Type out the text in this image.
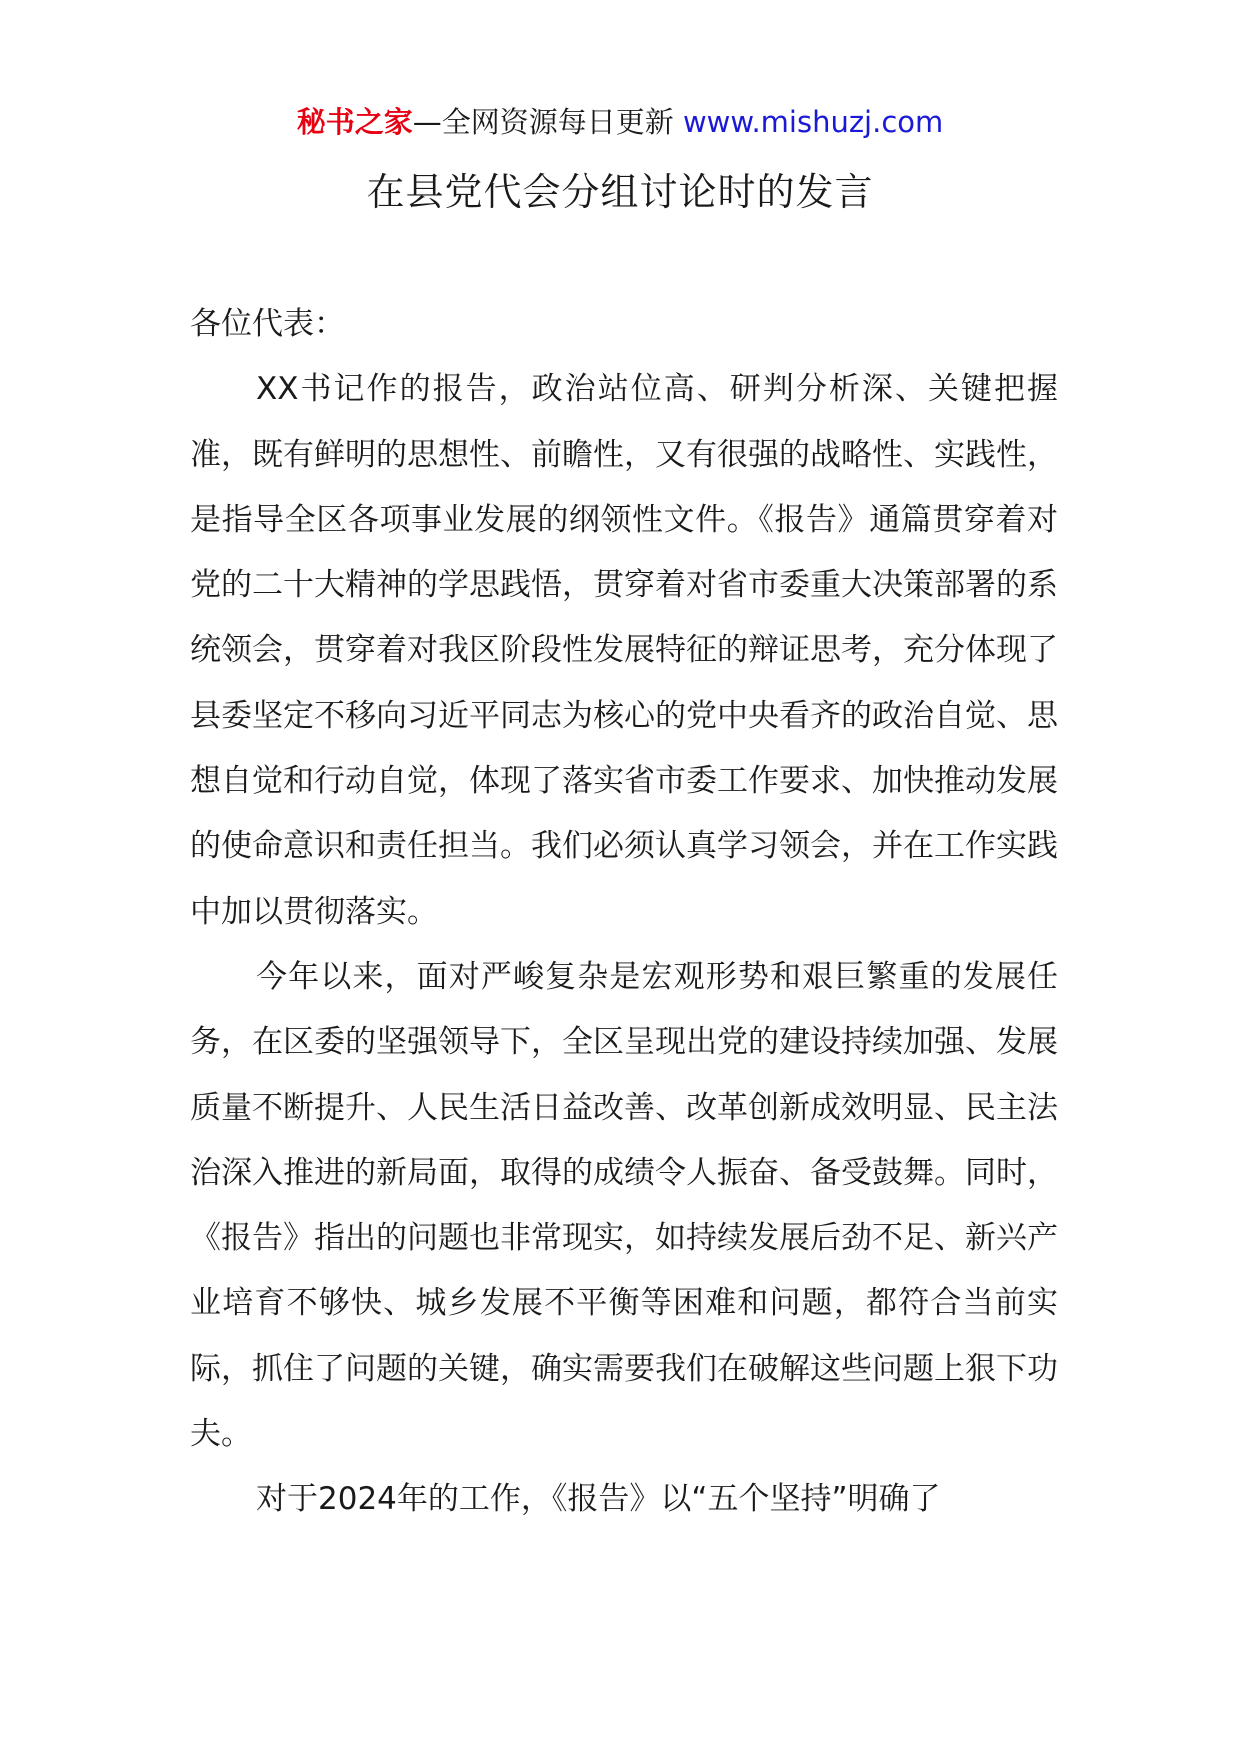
秘书之家—全网资源每日更新 www.mishuzj.com
在县党代会分组讨论时的发言

各位代表：

XX书记作的报告，政治站位高、研判分析深、关键把握准，既有鲜明的思想性、前瞻性，又有很强的战略性、实践性，是指导全区各项事业发展的纲领性文件。《报告》通篇贯穿着对党的二十大精神的学思践悟，贯穿着对省市委重大决策部署的系统领会，贯穿着对我区阶段性发展特征的辩证思考，充分体现了县委坚定不移向习近平同志为核心的党中央看齐的政治自觉、思想自觉和行动自觉，体现了落实省市委工作要求、加快推动发展的使命意识和责任担当。我们必须认真学习领会，并在工作实践中加以贯彻落实。

今年以来，面对严峻复杂是宏观形势和艰巨繁重的发展任务，在区委的坚强领导下，全区呈现出党的建设持续加强、发展质量不断提升、人民生活日益改善、改革创新成效明显、民主法治深入推进的新局面，取得的成绩令人振奋、备受鼓舞。同时，《报告》指出的问题也非常现实，如持续发展后劲不足、新兴产业培育不够快、城乡发展不平衡等困难和问题，都符合当前实际，抓住了问题的关键，确实需要我们在破解这些问题上狠下功夫。

对于2024年的工作，《报告》以“五个坚持”明确了
